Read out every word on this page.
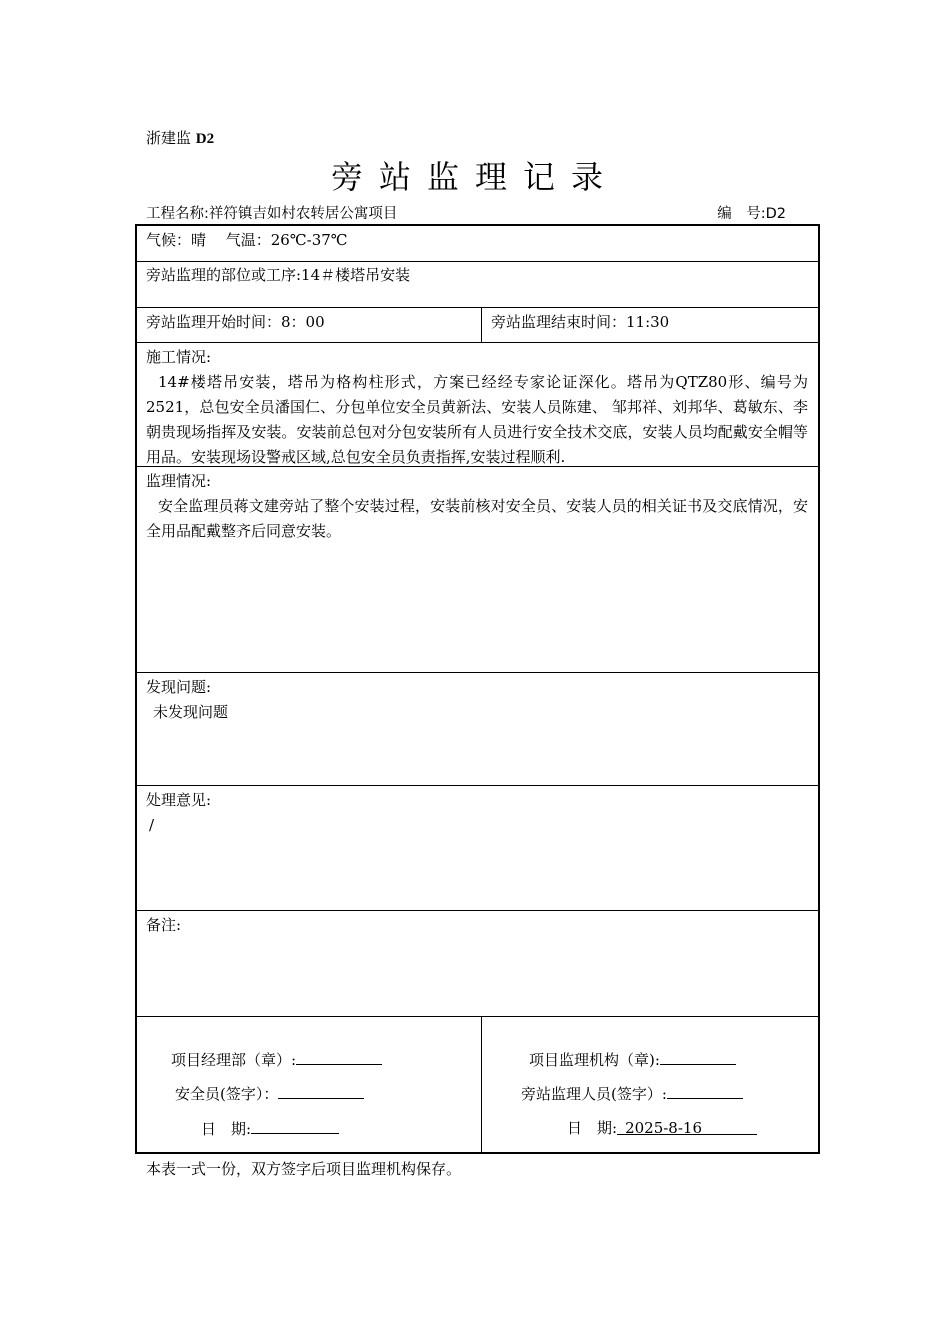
浙建监 D2
旁站监理记录
工程名称:祥符镇吉如村农转居公寓项目	编　号:D2
气候：晴　 气温：26℃-37℃
旁站监理的部位或工序:14＃楼塔吊安装
旁站监理开始时间：8：00	旁站监理结束时间：11:30
施工情况:
14#楼塔吊安装，塔吊为格构柱形式，方案已经经专家论证深化。塔吊为QTZ80形、编号为2521，总包安全员潘国仁、分包单位安全员黄新法、安装人员陈建、 邹邦祥、刘邦华、葛敏东、李朝贵现场指挥及安装。安装前总包对分包安装所有人员进行安全技术交底，安装人员均配戴安全帽等用品。安装现场设警戒区域,总包安全员负责指挥,安装过程顺利.
监理情况:
安全监理员蒋文建旁站了整个安装过程，安装前核对安全员、安装人员的相关证书及交底情况，安全用品配戴整齐后同意安装。
发现问题:
未发现问题
处理意见:
/
备注:
项目经理部（章）:
安全员(签字）：
日　期:
项目监理机构（章):
旁站监理人员(签字）:
日　期: 2025-8-16
本表一式一份，双方签字后项目监理机构保存。
